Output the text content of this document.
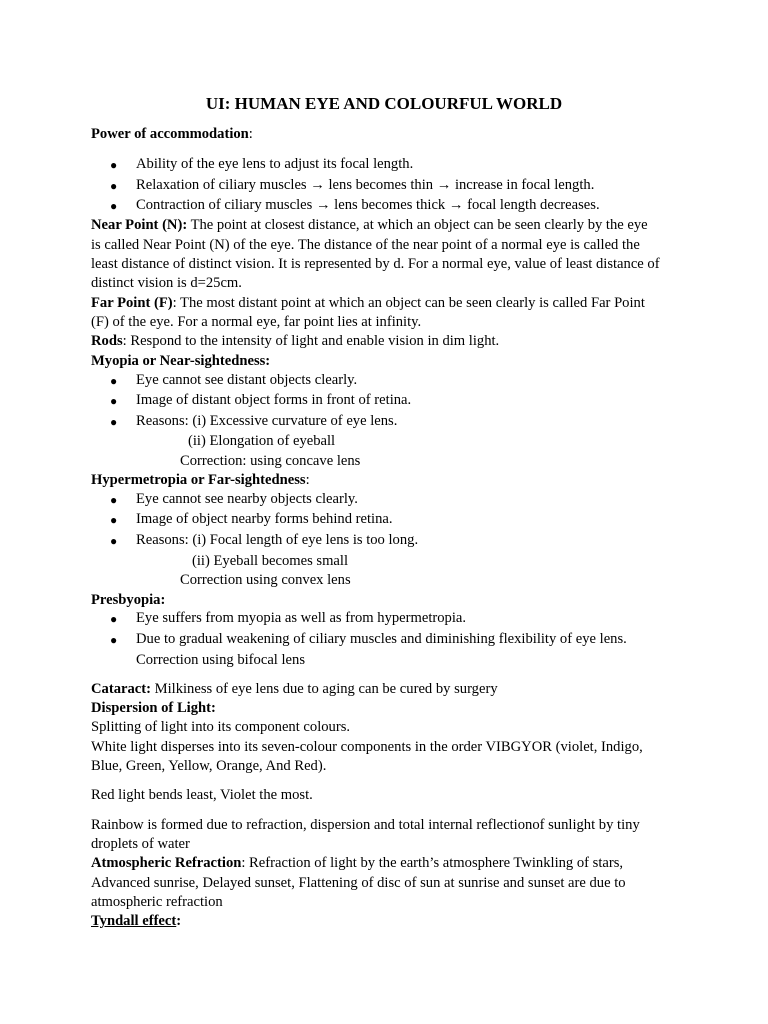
UI: HUMAN EYE AND COLOURFUL WORLD
Power of accommodation:
● Ability of the eye lens to adjust its focal length.
● Relaxation of ciliary muscles → lens becomes thin → increase in focal length.
● Contraction of ciliary muscles → lens becomes thick → focal length decreases.
Near Point (N): The point at closest distance, at which an object can be seen clearly by the eye
is called Near Point (N) of the eye. The distance of the near point of a normal eye is called the
least distance of distinct vision. It is represented by d. For a normal eye, value of least distance of
distinct vision is d=25cm.
Far Point (F): The most distant point at which an object can be seen clearly is called Far Point
(F) of the eye. For a normal eye, far point lies at infinity.
Rods: Respond to the intensity of light and enable vision in dim light.
Myopia or Near-sightedness:
● Eye cannot see distant objects clearly.
● Image of distant object forms in front of retina.
● Reasons: (i) Excessive curvature of eye lens.
(ii) Elongation of eyeball
Correction: using concave lens
Hypermetropia or Far-sightedness:
● Eye cannot see nearby objects clearly.
● Image of object nearby forms behind retina.
● Reasons: (i) Focal length of eye lens is too long.
(ii) Eyeball becomes small
Correction using convex lens
Presbyopia:
● Eye suffers from myopia as well as from hypermetropia.
● Due to gradual weakening of ciliary muscles and diminishing flexibility of eye lens.
Correction using bifocal lens
Cataract: Milkiness of eye lens due to aging can be cured by surgery
Dispersion of Light:
Splitting of light into its component colours.
White light disperses into its seven-colour components in the order VIBGYOR (violet, Indigo,
Blue, Green, Yellow, Orange, And Red).
Red light bends least, Violet the most.
Rainbow is formed due to refraction, dispersion and total internal reflectionof sunlight by tiny
droplets of water
Atmospheric Refraction: Refraction of light by the earth’s atmosphere Twinkling of stars,
Advanced sunrise, Delayed sunset, Flattening of disc of sun at sunrise and sunset are due to
atmospheric refraction
Tyndall effect:
